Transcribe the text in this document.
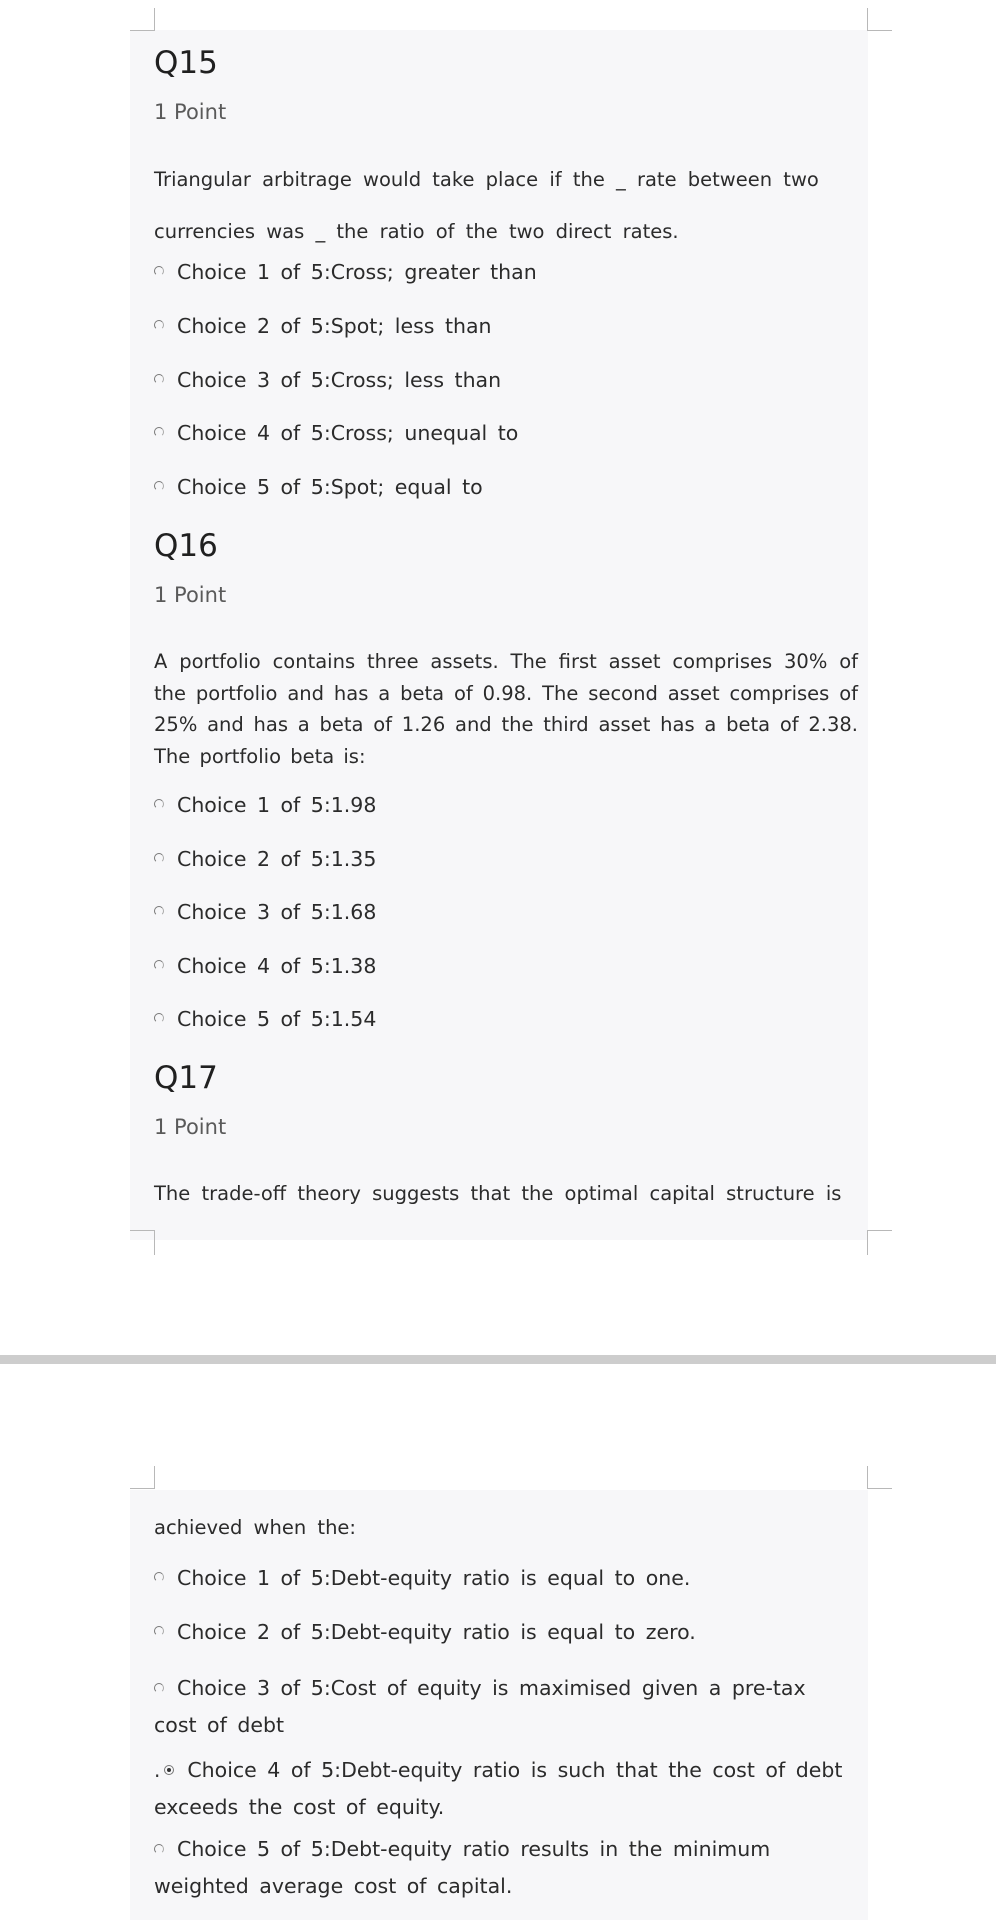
Q15
1 Point
Triangular arbitrage would take place if the _ rate between two
currencies was _ the ratio of the two direct rates.
Choice 1 of 5:Cross; greater than
Choice 2 of 5:Spot; less than
Choice 3 of 5:Cross; less than
Choice 4 of 5:Cross; unequal to
Choice 5 of 5:Spot; equal to
Q16
1 Point
A portfolio contains three assets. The first asset comprises 30% of the portfolio and has a beta of 0.98. The second asset comprises of 25% and has a beta of 1.26 and the third asset has a beta of 2.38. The portfolio beta is:
Choice 1 of 5:1.98
Choice 2 of 5:1.35
Choice 3 of 5:1.68
Choice 4 of 5:1.38
Choice 5 of 5:1.54
Q17
1 Point
The trade-off theory suggests that the optimal capital structure is
achieved when the:
Choice 1 of 5:Debt-equity ratio is equal to one.
Choice 2 of 5:Debt-equity ratio is equal to zero.
Choice 3 of 5:Cost of equity is maximised given a pre-tax cost of debt
. Choice 4 of 5:Debt-equity ratio is such that the cost of debt exceeds the cost of equity.
Choice 5 of 5:Debt-equity ratio results in the minimum weighted average cost of capital.
